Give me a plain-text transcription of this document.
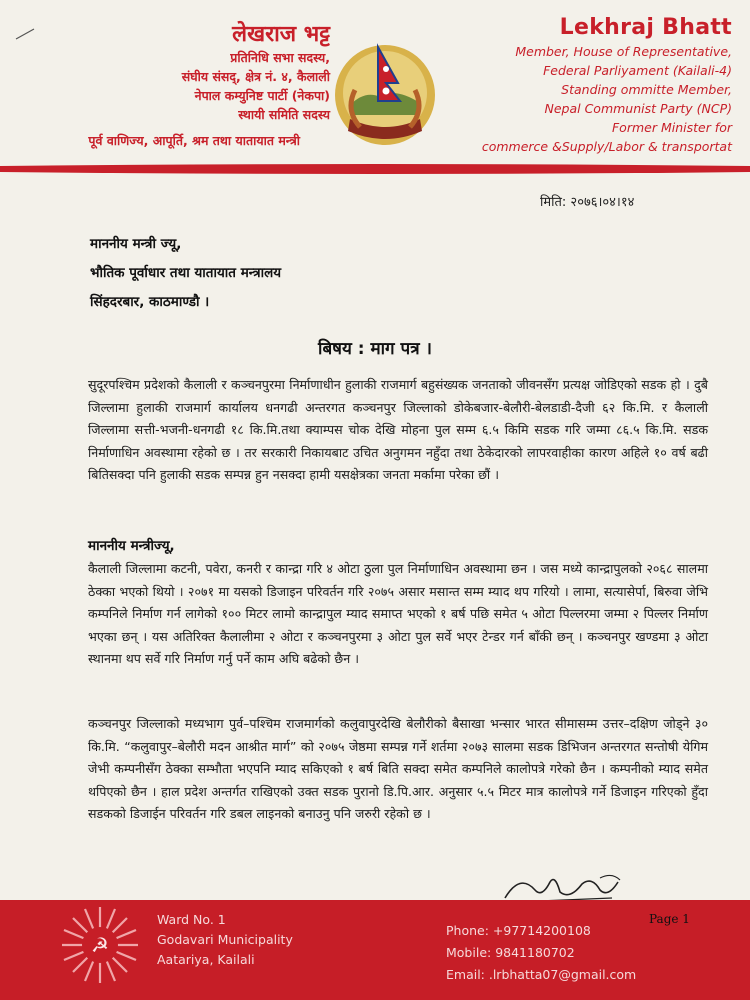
लेखराज भट्ट
प्रतिनिधि सभा सदस्य,
संघीय संसद्, क्षेत्र नं. ४, कैलाली
नेपाल कम्युनिष्ट पार्टी (नेकपा)
स्थायी समिति सदस्य
पूर्व वाणिज्य, आपूर्ति, श्रम तथा यातायात मन्त्री
Lekhraj Bhatt
Member, House of Representative,
Federal Parliyament (Kailali-4)
Standing ommitte Member,
Nepal Communist Party (NCP)
Former Minister for
commerce &Supply/Labor & transportat
मिति: २०७६।०४।१४
माननीय मन्त्री ज्यू,
भौतिक पूर्वाधार तथा यातायात मन्त्रालय
सिंहदरबार, काठमाण्डौ ।
बिषय : माग पत्र ।
सुदूरपश्चिम प्रदेशको कैलाली र कञ्चनपुरमा निर्माणाधीन हुलाकी राजमार्ग बहुसंख्यक जनताको जीवनसँग प्रत्यक्ष जोडिएको सडक हो । दुबै जिल्लामा हुलाकी राजमार्ग कार्यालय धनगढी अन्तरगत कञ्चनपुर जिल्लाको डोकेबजार-बेलौरी-बेलडाडी-दैजी ६२ कि.मि. र कैलाली जिल्लामा सत्ती-भजनी-धनगढी १८ कि.मि.तथा क्याम्पस चोक देखि मोहना पुल सम्म ६.५ किमि सडक गरि जम्मा ८६.५ कि.मि. सडक निर्माणाधिन अवस्थामा रहेको छ । तर सरकारी निकायबाट उचित अनुगमन नहुँदा तथा ठेकेदारको लापरवाहीका कारण अहिले १० वर्ष बढी बितिसक्दा पनि हुलाकी सडक सम्पन्न हुन नसक्दा हामी यसक्षेत्रका जनता मर्कामा परेका छौं ।
माननीय मन्त्रीज्यू,
कैलाली जिल्लामा कटनी, पवेरा, कनरी र कान्द्रा गरि ४ ओटा ठुला पुल निर्माणाधिन अवस्थामा छन । जस मध्ये कान्द्रापुलको २०६८ सालमा ठेक्का भएको थियो । २०७१ मा यसको डिजाइन परिवर्तन गरि २०७५ असार मसान्त सम्म म्याद थप गरियो । लामा, सत्यासेर्पा, बिरुवा जेभि कम्पनिले निर्माण गर्न लागेको १०० मिटर लामो कान्द्रापुल म्याद समाप्त भएको १ बर्ष पछि समेत ५ ओटा पिल्लरमा जम्मा २ पिल्लर निर्माण भएका छन् । यस अतिरिक्त कैलालीमा २ ओटा र कञ्चनपुरमा ३ ओटा पुल सर्वे भएर टेन्डर गर्न बाँकी छन् । कञ्चनपुर खण्डमा ३ ओटा स्थानमा थप सर्वे गरि निर्माण गर्नु पर्ने काम अघि बढेको छैन ।
कञ्चनपुर जिल्लाको मध्यभाग पुर्व–पश्चिम राजमार्गको कलुवापुरदेखि बेलौरीको बैसाखा भन्सार भारत सीमासम्म उत्तर–दक्षिण जोड्ने ३० कि.मि. “कलुवापुर–बेलौरी मदन आश्रीत मार्ग” को २०७५ जेष्ठमा सम्पन्न गर्ने शर्तमा २०७३ सालमा सडक डिभिजन अन्तरगत सन्तोषी येगिम जेभी कम्पनीसँग ठेक्का सम्भौता भएपनि म्याद सकिएको १ बर्ष बिति सक्दा समेत कम्पनिले कालोपत्रे गरेको छैन । कम्पनीको म्याद समेत थपिएको छैन । हाल प्रदेश अन्तर्गत राखिएको उक्त सडक पुरानो डि.पि.आर. अनुसार ५.५ मिटर मात्र कालोपत्रे गर्ने डिजाइन गरिएको हुँदा सडकको डिजाईन परिवर्तन गरि डबल लाइनको बनाउनु पनि जरुरी रहेको छ ।
☭
Ward No. 1
Godavari Municipality
Aatariya, Kailali
Phone: +97714200108
Mobile: 9841180702
Email: .lrbhatta07@gmail.com
Page 1
